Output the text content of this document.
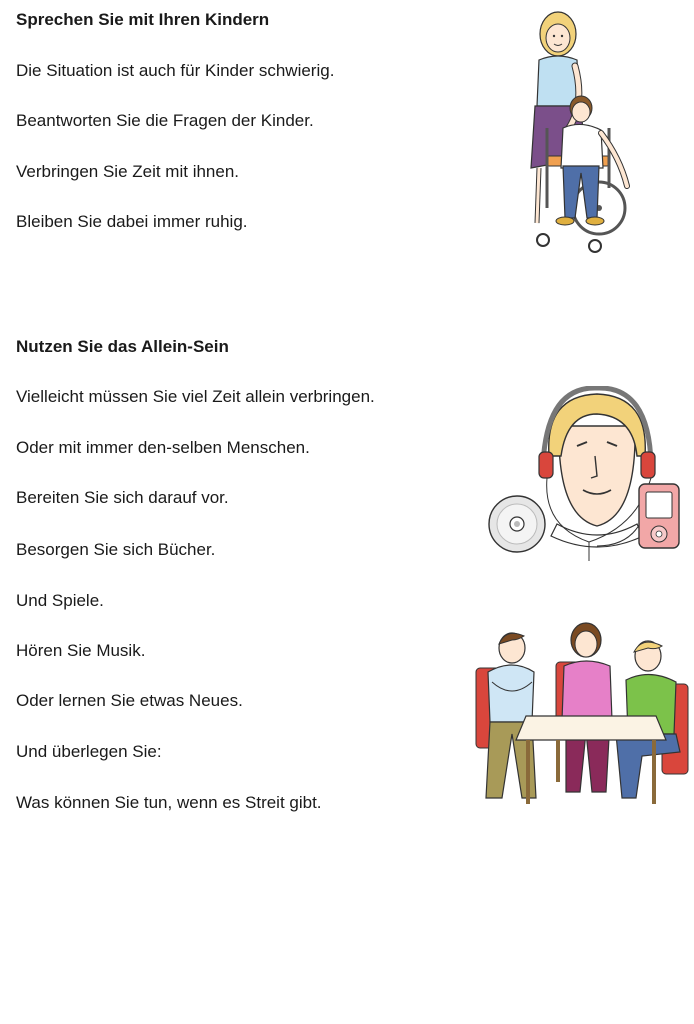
Sprechen Sie mit Ihren Kindern

Die Situation ist auch für Kinder schwierig.

Beantworten Sie die Fragen der Kinder.

Verbringen Sie Zeit mit ihnen.

Bleiben Sie dabei immer ruhig.

Nutzen Sie das Allein-Sein

Vielleicht müssen Sie viel Zeit allein verbringen.

Oder mit immer den-selben Menschen.

Bereiten Sie sich darauf vor.

Besorgen Sie sich Bücher.

Und Spiele.

Hören Sie Musik.

Oder lernen Sie etwas Neues.

Und überlegen Sie:

Was können Sie tun, wenn es Streit gibt.
